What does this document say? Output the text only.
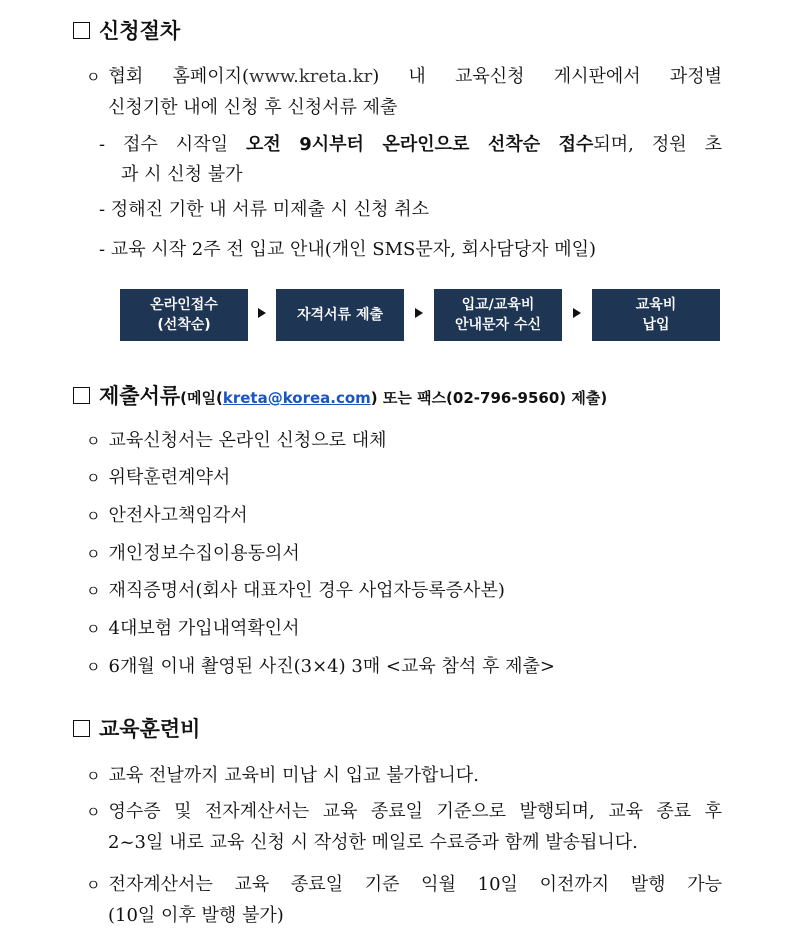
신청절차
ㅇ 협회 홈페이지(www.kreta.kr) 내 교육신청 게시판에서 과정별
신청기한 내에 신청 후 신청서류 제출
- 접수 시작일 오전 9시부터 온라인으로 선착순 접수되며, 정원 초
과 시 신청 불가
- 정해진 기한 내 서류 미제출 시 신청 취소
- 교육 시작 2주 전 입교 안내(개인 SMS문자, 회사담당자 메일)
온라인접수
(선착순)
자격서류 제출
입교/교육비
안내문자 수신
교육비
납입
제출서류(메일(kreta@korea.com) 또는 팩스(02-796-9560) 제출)
ㅇ 교육신청서는 온라인 신청으로 대체
ㅇ 위탁훈련계약서
ㅇ 안전사고책임각서
ㅇ 개인정보수집이용동의서
ㅇ 재직증명서(회사 대표자인 경우 사업자등록증사본)
ㅇ 4대보험 가입내역확인서
ㅇ 6개월 이내 촬영된 사진(3×4) 3매 <교육 참석 후 제출>
교육훈련비
ㅇ 교육 전날까지 교육비 미납 시 입교 불가합니다.
ㅇ 영수증 및 전자계산서는 교육 종료일 기준으로 발행되며, 교육 종료 후
2~3일 내로 교육 신청 시 작성한 메일로 수료증과 함께 발송됩니다.
ㅇ 전자계산서는 교육 종료일 기준 익월 10일 이전까지 발행 가능
(10일 이후 발행 불가)
